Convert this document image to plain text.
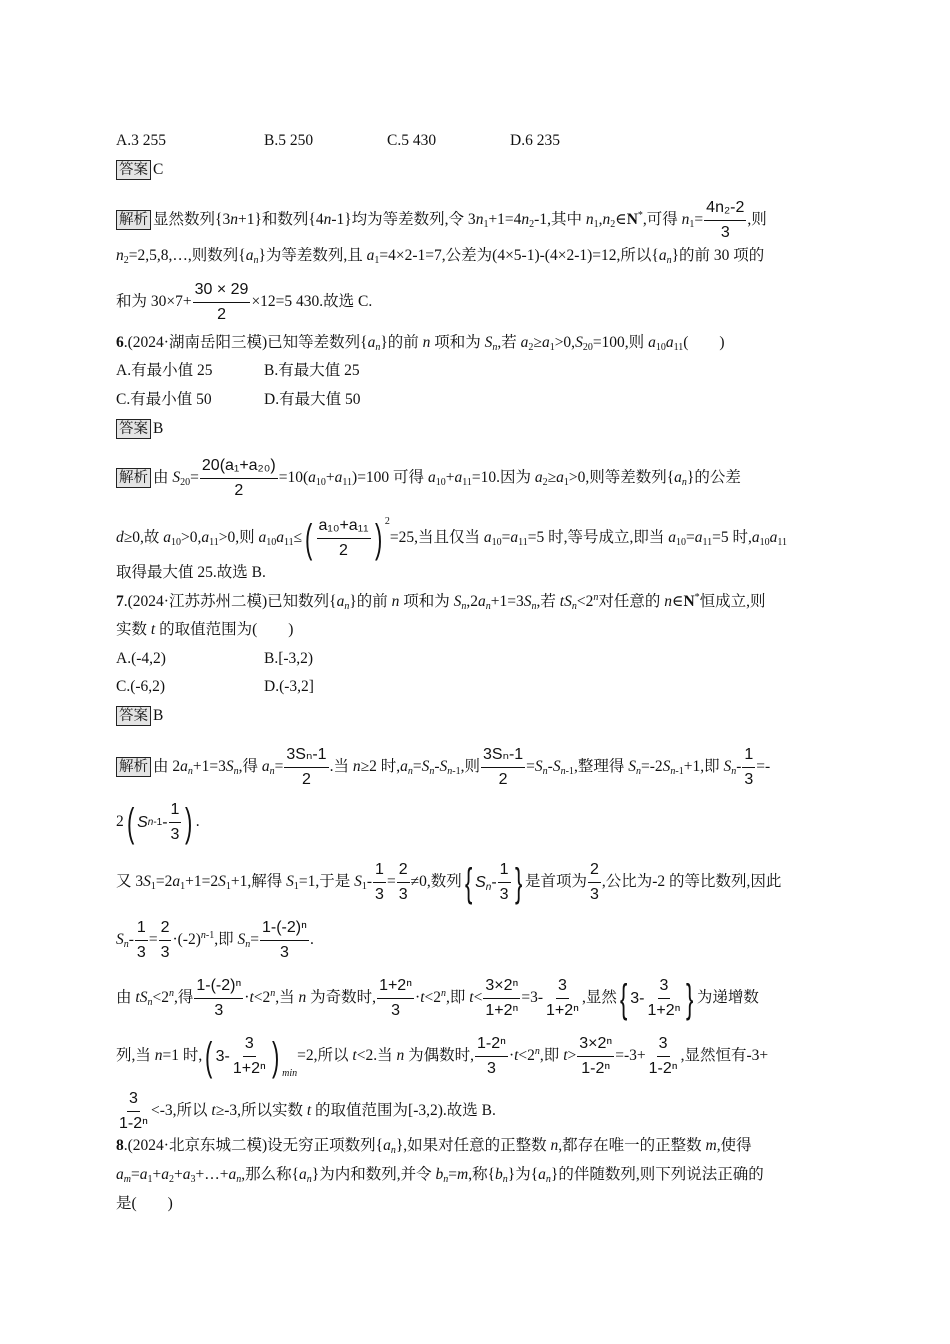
A.3 255	B.5 250	C.5 430	D.6 235
答案 C
解析 显然数列{3n+1}和数列{4n-1}均为等差数列,令 $3n_1+1=4n_2-1$,其中 $n_1,n_2\in N^*$,可得 $n_1= \frac{\text{4n₂-2}}{3}$ ,则
$n_2=2,5,8,\dots$,则数列$\{a_n\}$为等差数列,且 $a_1=4\times 2-1=7$,公差为(4×5-1)-(4×2-1)=12,所以$\{a_n\}$的前 30 项的
和为 $30\times 7+ \frac{30 \times 29}{2} \times 12=5$ 430.故选 C.
6.(2024·湖南岳阳三模)已知等差数列$\{a_n\}$的前 n 项和为 $S_n$,若 $a_2\ge a_1>0,S_{20}=100$,则 $a_{10}a_{11}$(　　)
A.有最小值 25	B.有最大值 25
C.有最小值 50	D.有最大值 50
答案 B
解析 由 $S_{20}= \frac{\text{20(a₁+a₂₀)}}{2} =10(a_{10}+a_{11})=100$ 可得 $a_{10}+a_{11}=10$.因为 $a_2\ge a_1>0$,则等差数列$\{a_n\}$的公差
d≥0,故 $a_{10}>0,a_{11}>0$,则 $a_{10}a_{11}\le$ ( a₁₀+a₁₁
2 ) $^2$=25,当且仅当 $a_{10}=a_{11}=5$ 时,等号成立,即当 $a_{10}=a_{11}=5$ 时$,a_{10}a_{11}$
取得最大值 25.故选 B.
7.(2024·江苏苏州二模)已知数列$\{a_n\}$的前 n 项和为 $S_n,2a_n+1=3S_n$,若 $tS_n<2^n$对任意的 n∈N*恒成立,则
实数 t 的取值范围为(　　)
A.(-4,2)	B.[-3,2)
C.(-6,2)	D.(-3,2]
答案 B
解析 由 $2a_n+1=3S_n$,得 $a_n= \frac{\text{3Sₙ-1}}{2}$ .当 n≥2 时$,a_n=S_n-S_{n-1}$,则 $\frac{\text{3Sₙ-1}}{2} =S_n-S_{n-1}$,整理得 $S_n=-2S_{n-1}+1$,即 $S_n- \frac{1}{3}$ =-
2 ( S n-1 -
1
3 ) .
又 $3S_1=2a_1+1=2S_1+1$,解得 $S_1=1$,于是 $S_1- \frac{1}{3} = \frac{2}{3} \ne 0$,数列 { $S_n$ -
1
3 } 是首项为 $\frac{2}{3}$ ,公比为-2 的等比数列,因此
$S_n- \frac{1}{3} = \frac{2}{3} \cdot(-2)^{n-1}$,即 $S_n= \frac{\text{1-(-2)ⁿ}}{3}$ .
由 $tS_n<2^n$,得 $\frac{\text{1-(-2)ⁿ}}{3} \cdot t<2^n$,当 n 为奇数时, $\frac{\text{1+2ⁿ}}{3} \cdot t<2^n$,即 $t< \frac{\text{3×2ⁿ}}{\text{1+2ⁿ}} =3- \frac{3}{\text{1+2ⁿ}}$ ,显然 { 3-
3
1+2ⁿ } 为递增数
列,当 n=1 时, ( 3-
3
1+2ⁿ ) $_{min}$=2,所以 t<2.当 n 为偶数时, $\frac{\text{1-2ⁿ}}{3} \cdot t<2^n$,即 $t> \frac{\text{3×2ⁿ}}{\text{1-2ⁿ}} =-3+ \frac{3}{\text{1-2ⁿ}}$ ,显然恒有-3+
$\frac{3}{\text{1-2ⁿ}} <-3$,所以 t≥-3,所以实数 t 的取值范围为[-3,2).故选 B.
8.(2024·北京东城二模)设无穷正项数列$\{a_n\}$,如果对任意的正整数 n,都存在唯一的正整数 m,使得
$a_m=a_1+a_2+a_3+\dots+a_n$,那么称$\{a_n\}$为内和数列,并令 $b_n=m$,称$\{b_n\}$为$\{a_n\}$的伴随数列,则下列说法正确的
是(　　)
